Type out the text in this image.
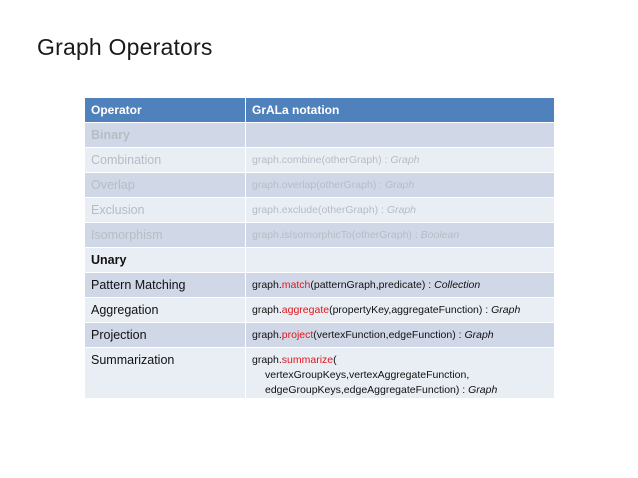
Graph Operators
Operator	GrALa notation
Binary	
Combination	graph.combine(otherGraph) : Graph
Overlap	graph.overlap(otherGraph) : Graph
Exclusion	graph.exclude(otherGraph) : Graph
Isomorphism	graph.isIsomorphicTo(otherGraph) : Boolean
Unary	
Pattern Matching	graph.match(patternGraph,predicate) : Collection
Aggregation	graph.aggregate(propertyKey,aggregateFunction) : Graph
Projection	graph.project(vertexFunction,edgeFunction) : Graph
Summarization	graph.summarize(
vertexGroupKeys,vertexAggregateFunction,
edgeGroupKeys,edgeAggregateFunction) : Graph
